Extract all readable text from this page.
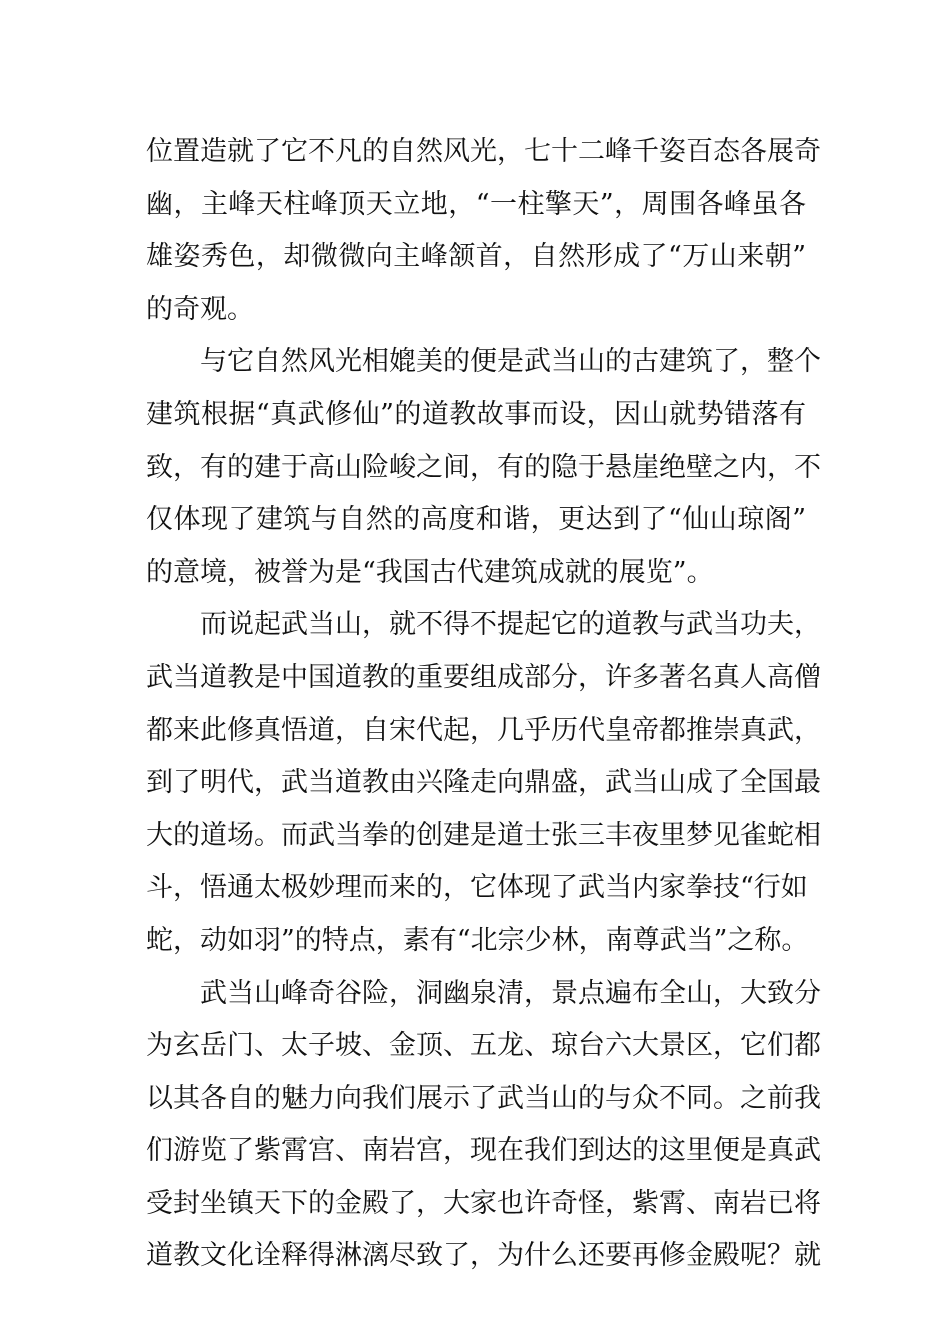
位置造就了它不凡的自然风光，七十二峰千姿百态各展奇
幽，主峰天柱峰顶天立地，“一柱擎天”，周围各峰虽各
雄姿秀色，却微微向主峰颔首，自然形成了“万山来朝”
的奇观。
　　与它自然风光相媲美的便是武当山的古建筑了，整个
建筑根据“真武修仙”的道教故事而设，因山就势错落有
致，有的建于高山险峻之间，有的隐于悬崖绝壁之内，不
仅体现了建筑与自然的高度和谐，更达到了“仙山琼阁”
的意境，被誉为是“我国古代建筑成就的展览”。
　　而说起武当山，就不得不提起它的道教与武当功夫，
武当道教是中国道教的重要组成部分，许多著名真人高僧
都来此修真悟道，自宋代起，几乎历代皇帝都推崇真武，
到了明代，武当道教由兴隆走向鼎盛，武当山成了全国最
大的道场。而武当拳的创建是道士张三丰夜里梦见雀蛇相
斗，悟通太极妙理而来的，它体现了武当内家拳技“行如
蛇，动如羽”的特点，素有“北宗少林，南尊武当”之称。
　　武当山峰奇谷险，洞幽泉清，景点遍布全山，大致分
为玄岳门、太子坡、金顶、五龙、琼台六大景区，它们都
以其各自的魅力向我们展示了武当山的与众不同。之前我
们游览了紫霄宫、南岩宫，现在我们到达的这里便是真武
受封坐镇天下的金殿了，大家也许奇怪，紫霄、南岩已将
道教文化诠释得淋漓尽致了，为什么还要再修金殿呢？就
